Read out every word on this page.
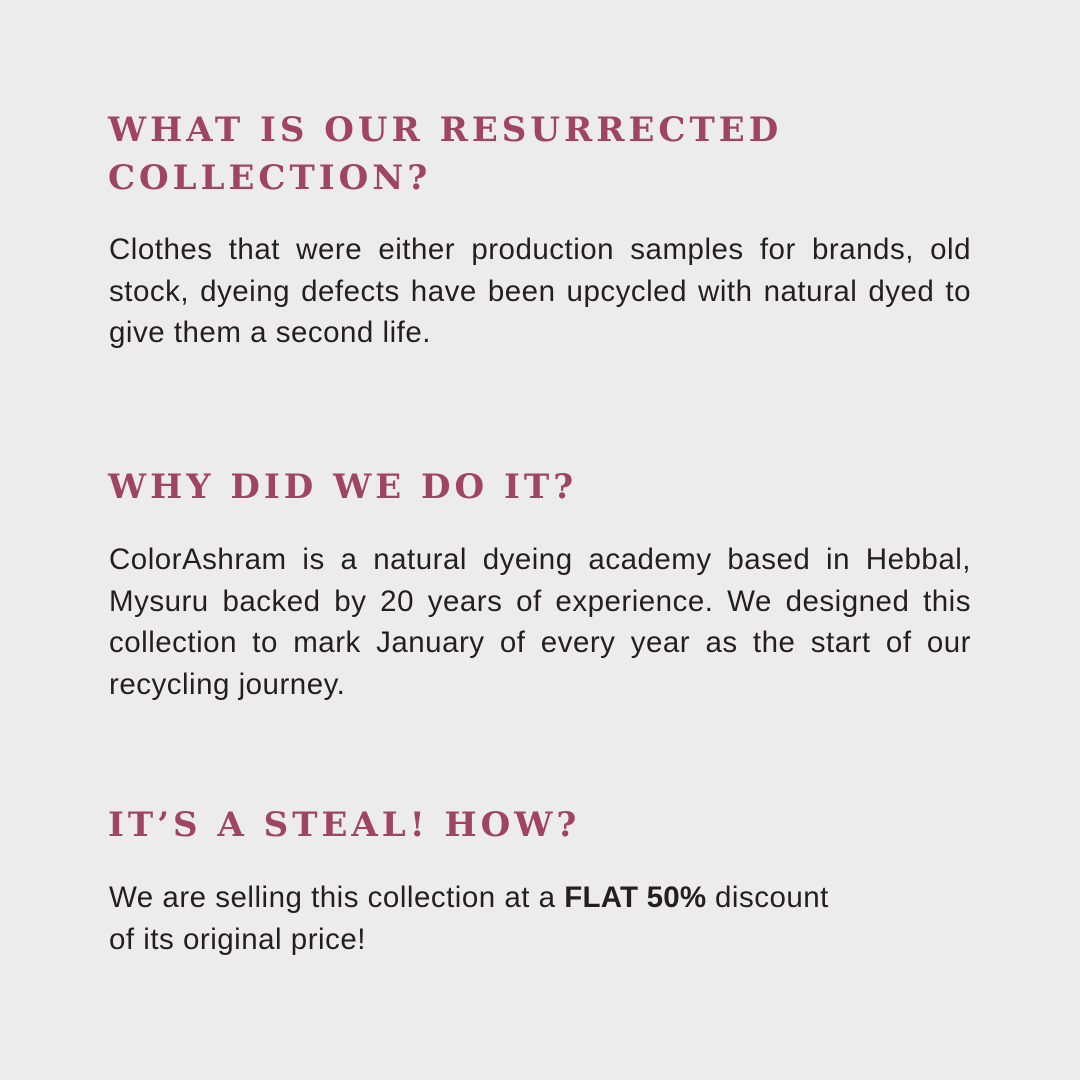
WHAT IS OUR RESURRECTED
COLLECTION?

Clothes that were either production samples for brands, old stock, dyeing defects have been upcycled with natural dyed to give them a second life.

WHY DID WE DO IT?

ColorAshram is a natural dyeing academy based in Hebbal, Mysuru backed by 20 years of experience. We designed this collection to mark January of every year as the start of our recycling journey.

IT’S A STEAL! HOW?

We are selling this collection at a FLAT 50% discount
of its original price!
